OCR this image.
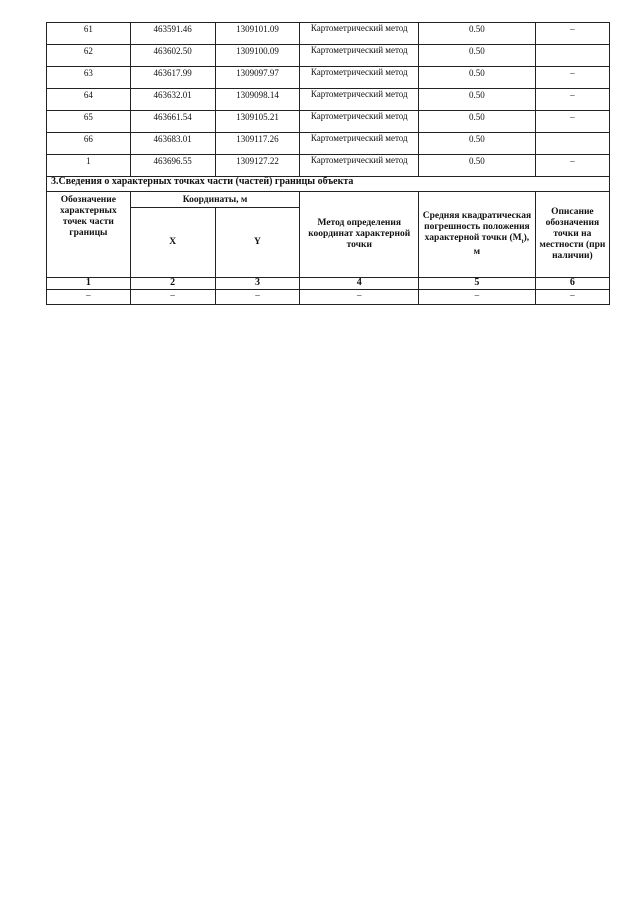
61	463591.46	1309101.09	Картометрический метод	0.50	–
62	463602.50	1309100.09	Картометрический метод	0.50	
63	463617.99	1309097.97	Картометрический метод	0.50	–
64	463632.01	1309098.14	Картометрический метод	0.50	–
65	463661.54	1309105.21	Картометрический метод	0.50	–
66	463683.01	1309117.26	Картометрический метод	0.50	
1	463696.55	1309127.22	Картометрический метод	0.50	–
3.Сведения о характерных точках части (частей) границы объекта					
Обозначение характерных точек части границы	Координаты, м		Метод определения координат характерной точки	Средняя квадратическая погрешность положения характерной точки $(M_t)$, м	Описание обозначения точки на местности (при наличии)
	X	Y			
1	2	3	4	5	6
–	–	–	–	–	–
